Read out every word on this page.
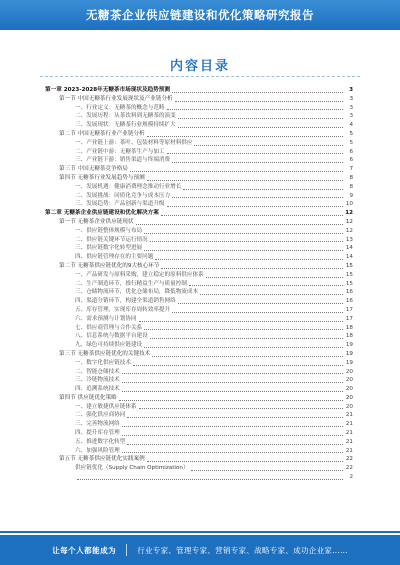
无糖茶企业供应链建设和优化策略研究报告
内容目录
第一章 2023-2028年无糖茶市场现状及趋势预测	3
第一节 中国无糖茶行业发展现状及产业链分析	3
一、行业定义：无糖茶的概念与范畴	3
二、发展历程：从茶饮料到无糖茶的演变	3
三、发展现状：无糖茶行业规模持续扩大	4
第二节 中国无糖茶行业产业链分析	5
一、产业链上游：茶叶、包装材料等原材料供应	5
二、产业链中游：无糖茶生产与加工	6
三、产业链下游：销售渠道与终端消费	6
第三节 中国无糖茶竞争格局	7
第四节 无糖茶行业发展趋势与预测	8
一、发展机遇：健康消费理念推动行业增长	8
二、发展挑战：同质化竞争与成本压力	9
三、发展趋势：产品创新与渠道升级	10
第二章 无糖茶企业供应链建设和优化解决方案	12
第一节 无糖茶企业供应链现状	12
一、供应链整体规模与布局	12
二、供应链关键环节运行情况	13
三、供应链数字化转型进展	14
四、供应链管理存在的主要问题	14
第二节 无糖茶供应链优化的9大核心环节	15
一、产品研发与原料采购，建立稳定的原料供应体系	15
二、生产制造环节，推行精益生产与质量控制	15
三、仓储物流环节，优化仓储布局，降低物流成本	16
四、渠道分销环节，构建全渠道销售网络	16
五、库存管理，实现库存周转效率提升	17
六、需求预测与计划协同	17
七、供应商管理与合作关系	18
八、信息系统与数据平台建设	18
九、绿色可持续供应链建设	19
第三节 无糖茶供应链优化的关键技术	19
一、数字化供应链技术	19
二、智能仓储技术	20
三、冷链物流技术	20
四、追溯系统技术	20
第四节 供应链优化策略	20
一、建立敏捷供应链体系	20
二、强化供应商协同	21
三、完善物流网络	21
四、提升库存管理	21
五、推进数字化转型	21
六、加强风险管理	21
第五节 无糖茶供应链优化实践案例	22
供应链优化（Supply Chain Optimization）	22
2
让每个人都能成为	行业专家、管理专家、营销专家、战略专家、成功企业家……
